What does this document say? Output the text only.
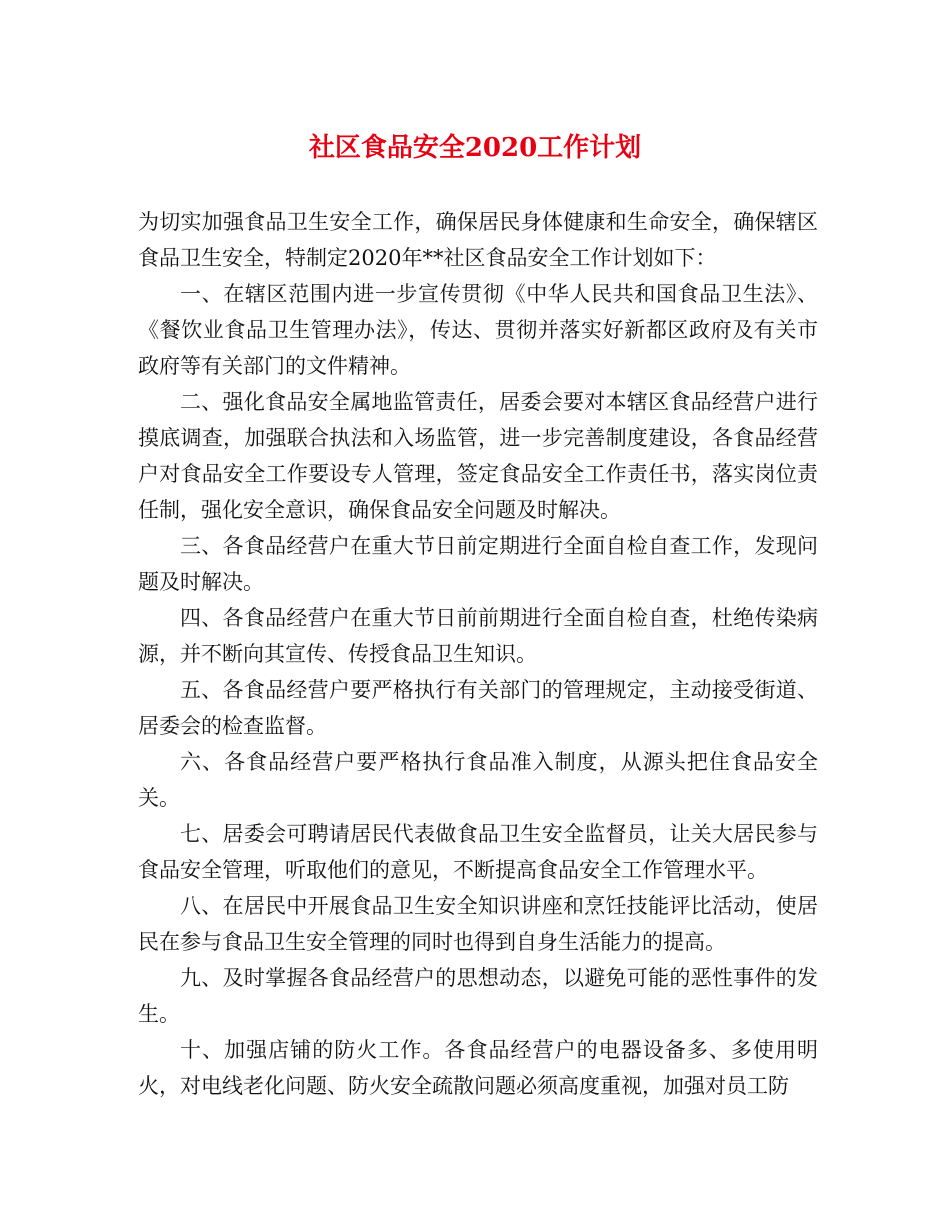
社区食品安全2020工作计划

为切实加强食品卫生安全工作，确保居民身体健康和生命安全，确保辖区食品卫生安全，特制定2020年**社区食品安全工作计划如下：

一、在辖区范围内进一步宣传贯彻《中华人民共和国食品卫生法》、《餐饮业食品卫生管理办法》，传达、贯彻并落实好新都区政府及有关市政府等有关部门的文件精神。

二、强化食品安全属地监管责任，居委会要对本辖区食品经营户进行摸底调查，加强联合执法和入场监管，进一步完善制度建设，各食品经营户对食品安全工作要设专人管理，签定食品安全工作责任书，落实岗位责任制，强化安全意识，确保食品安全问题及时解决。

三、各食品经营户在重大节日前定期进行全面自检自查工作，发现问题及时解决。

四、各食品经营户在重大节日前前期进行全面自检自查，杜绝传染病源，并不断向其宣传、传授食品卫生知识。

五、各食品经营户要严格执行有关部门的管理规定，主动接受街道、居委会的检查监督。

六、各食品经营户要严格执行食品准入制度，从源头把住食品安全关。

七、居委会可聘请居民代表做食品卫生安全监督员，让关大居民参与食品安全管理，听取他们的意见，不断提高食品安全工作管理水平。

八、在居民中开展食品卫生安全知识讲座和烹饪技能评比活动，使居民在参与食品卫生安全管理的同时也得到自身生活能力的提高。

九、及时掌握各食品经营户的思想动态，以避免可能的恶性事件的发生。

十、加强店铺的防火工作。各食品经营户的电器设备多、多使用明火，对电线老化问题、防火安全疏散问题必须高度重视，加强对员工防
